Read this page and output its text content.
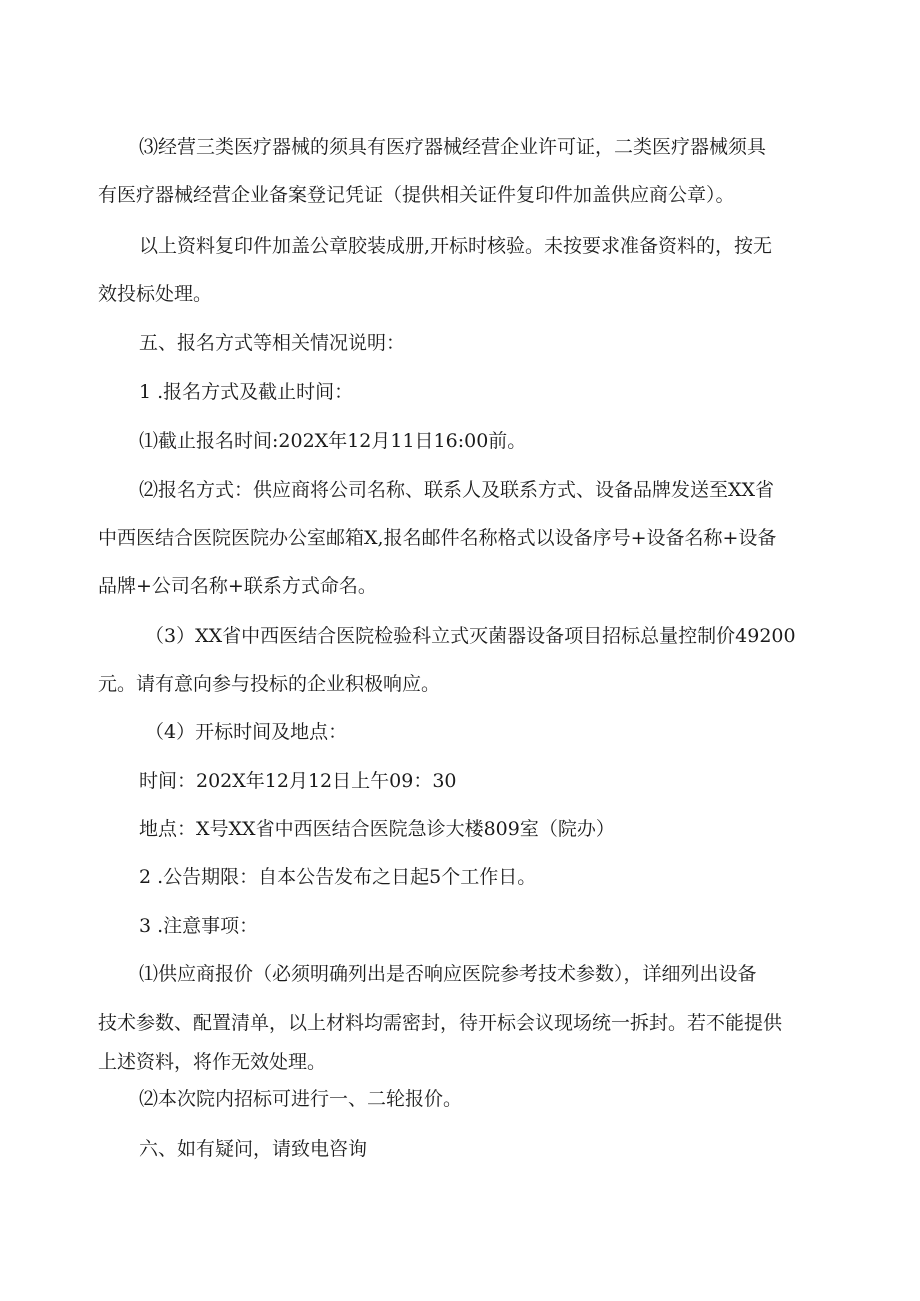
⑶经营三类医疗器械的须具有医疗器械经营企业许可证，二类医疗器械须具
有医疗器械经营企业备案登记凭证（提供相关证件复印件加盖供应商公章）。
以上资料复印件加盖公章胶装成册,开标时核验。未按要求准备资料的，按无
效投标处理。
五、报名方式等相关情况说明：
1 .报名方式及截止时间：
⑴截止报名时间:202X年12月11日16:00前。
⑵报名方式：供应商将公司名称、联系人及联系方式、设备品牌发送至XX省
中西医结合医院医院办公室邮箱X,报名邮件名称格式以设备序号+设备名称+设备
品牌+公司名称+联系方式命名。
（3）XX省中西医结合医院检验科立式灭菌器设备项目招标总量控制价49200
元。请有意向参与投标的企业积极响应。
（4）开标时间及地点：
时间：202X年12月12日上午09：30
地点：X号XX省中西医结合医院急诊大楼809室（院办）
2 .公告期限：自本公告发布之日起5个工作日。
3 .注意事项：
⑴供应商报价（必须明确列出是否响应医院参考技术参数），详细列出设备
技术参数、配置清单，以上材料均需密封，待开标会议现场统一拆封。若不能提供
上述资料，将作无效处理。
⑵本次院内招标可进行一、二轮报价。
六、如有疑问，请致电咨询
